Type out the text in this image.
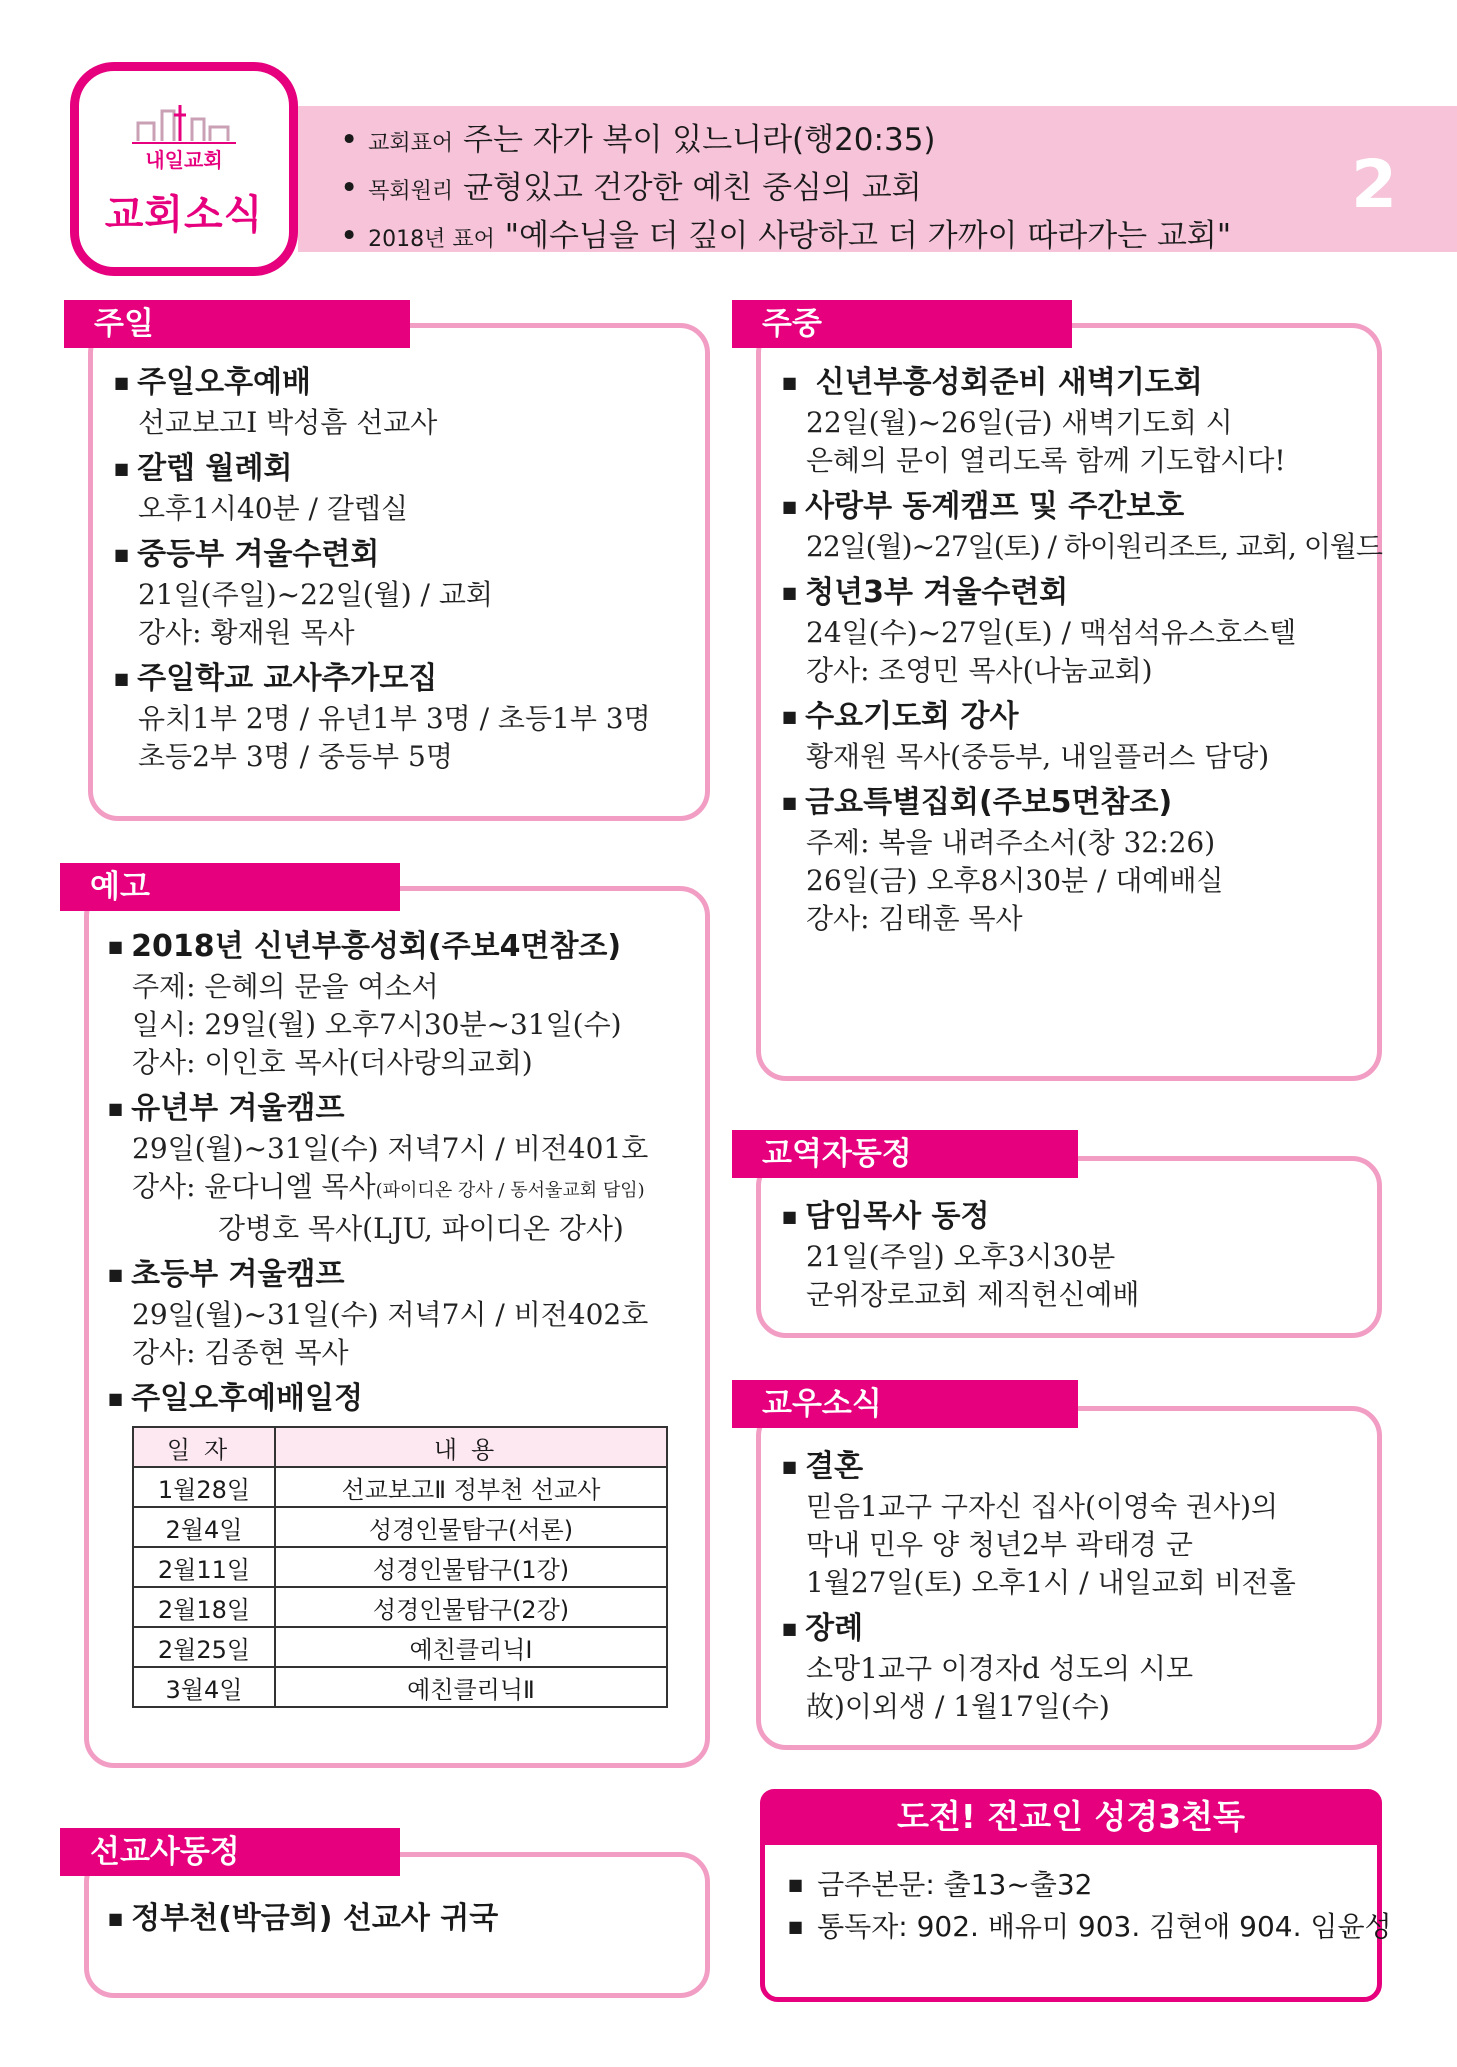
내일교회
교회소식
• 교회표어 주는 자가 복이 있느니라(행20:35)
• 목회원리 균형있고 건강한 예친 중심의 교회
• 2018년 표어 "예수님을 더 깊이 사랑하고 더 가까이 따라가는 교회"
2
주일
■ 주일오후예배
선교보고Ⅰ 박성흠 선교사
■ 갈렙 월례회
오후1시40분 / 갈렙실
■ 중등부 겨울수련회
21일(주일)~22일(월) / 교회
강사: 황재원 목사
■ 주일학교 교사추가모집
유치1부 2명 / 유년1부 3명 / 초등1부 3명
초등2부 3명 / 중등부 5명
주중
■ 신년부흥성회준비 새벽기도회
22일(월)~26일(금) 새벽기도회 시
은혜의 문이 열리도록 함께 기도합시다!
■ 사랑부 동계캠프 및 주간보호
22일(월)~27일(토) / 하이원리조트, 교회, 이월드
■ 청년3부 겨울수련회
24일(수)~27일(토) / 맥섬석유스호스텔
강사: 조영민 목사(나눔교회)
■ 수요기도회 강사
황재원 목사(중등부, 내일플러스 담당)
■ 금요특별집회(주보5면참조)
주제: 복을 내려주소서(창 32:26)
26일(금) 오후8시30분 / 대예배실
강사: 김태훈 목사
예고
■ 2018년 신년부흥성회(주보4면참조)
주제: 은혜의 문을 여소서
일시: 29일(월) 오후7시30분~31일(수)
강사: 이인호 목사(더사랑의교회)
■ 유년부 겨울캠프
29일(월)~31일(수) 저녁7시 / 비전401호
강사: 윤다니엘 목사(파이디온 강사 / 동서울교회 담임)
강병호 목사(LJU, 파이디온 강사)
■ 초등부 겨울캠프
29일(월)~31일(수) 저녁7시 / 비전402호
강사: 김종현 목사
■ 주일오후예배일정
일자	내용
1월28일	선교보고Ⅱ 정부천 선교사
2월4일	성경인물탐구(서론)
2월11일	성경인물탐구(1강)
2월18일	성경인물탐구(2강)
2월25일	예친클리닉Ⅰ
3월4일	예친클리닉Ⅱ
교역자동정
■ 담임목사 동정
21일(주일) 오후3시30분
군위장로교회 제직헌신예배
교우소식
■ 결혼
믿음1교구 구자신 집사(이영숙 권사)의
막내 민우 양 청년2부 곽태경 군
1월27일(토) 오후1시 / 내일교회 비전홀
■ 장례
소망1교구 이경자d 성도의 시모
故)이외생 / 1월17일(수)
선교사동정
■ 정부천(박금희) 선교사 귀국
도전! 전교인 성경3천독
■ 금주본문: 출13~출32
■ 통독자: 902. 배유미 903. 김현애 904. 임윤성
